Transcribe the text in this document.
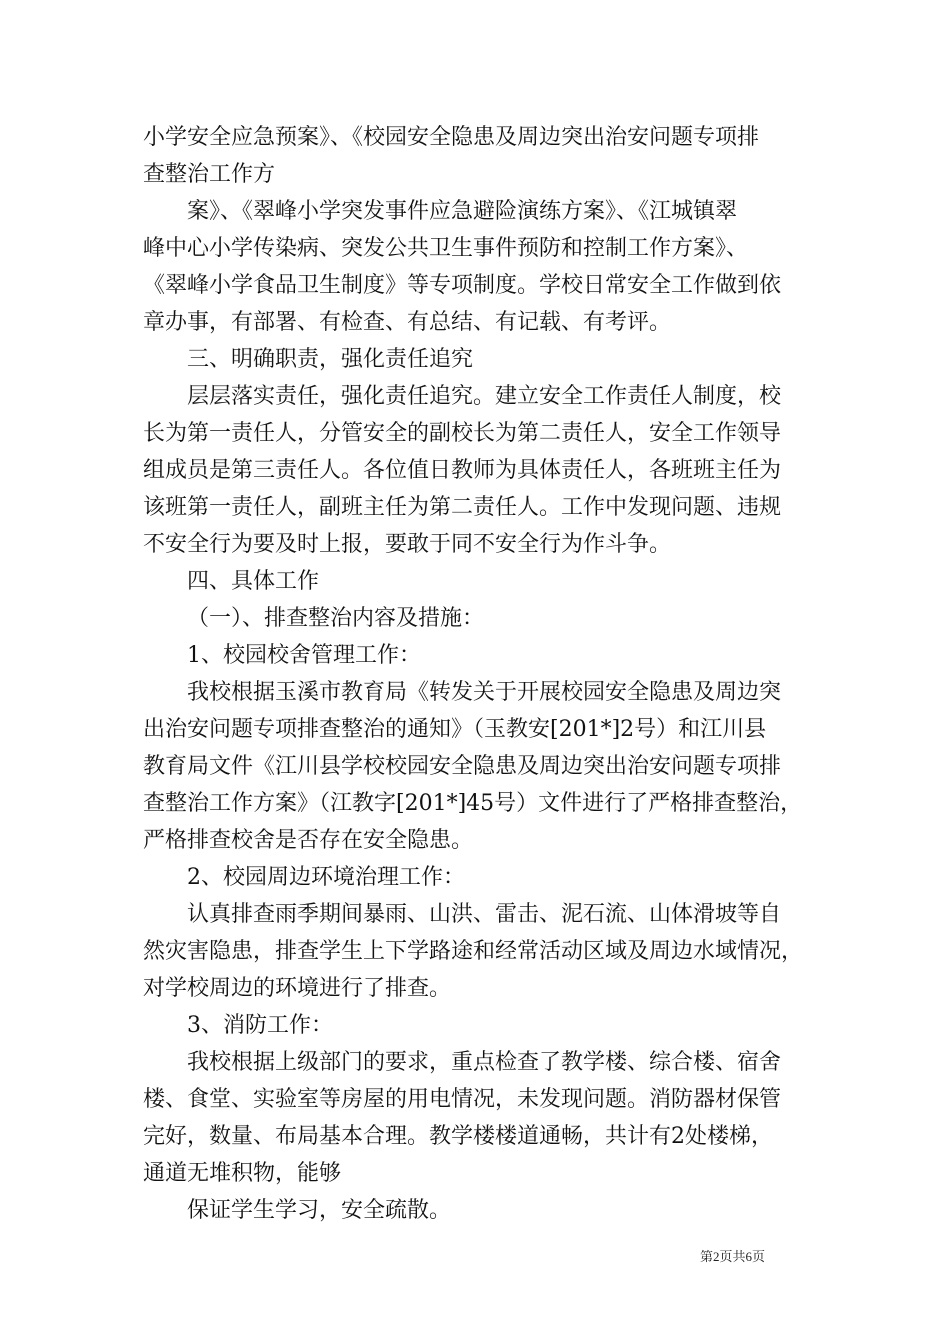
小学安全应急预案》、《校园安全隐患及周边突出治安问题专项排
查整治工作方
案》、《翠峰小学突发事件应急避险演练方案》、《江城镇翠
峰中心小学传染病、突发公共卫生事件预防和控制工作方案》、
《翠峰小学食品卫生制度》等专项制度。学校日常安全工作做到依
章办事，有部署、有检查、有总结、有记载、有考评。
三、明确职责，强化责任追究
层层落实责任，强化责任追究。建立安全工作责任人制度，校
长为第一责任人，分管安全的副校长为第二责任人，安全工作领导
组成员是第三责任人。各位值日教师为具体责任人，各班班主任为
该班第一责任人，副班主任为第二责任人。工作中发现问题、违规
不安全行为要及时上报，要敢于同不安全行为作斗争。
四、具体工作
（一）、排查整治内容及措施：
1、校园校舍管理工作：
我校根据玉溪市教育局《转发关于开展校园安全隐患及周边突
出治安问题专项排查整治的通知》（玉教安[201*]2号）和江川县
教育局文件《江川县学校校园安全隐患及周边突出治安问题专项排
查整治工作方案》（江教字[201*]45号）文件进行了严格排查整治，
严格排查校舍是否存在安全隐患。
2、校园周边环境治理工作：
认真排查雨季期间暴雨、山洪、雷击、泥石流、山体滑坡等自
然灾害隐患，排查学生上下学路途和经常活动区域及周边水域情况，
对学校周边的环境进行了排查。
3、消防工作：
我校根据上级部门的要求，重点检查了教学楼、综合楼、宿舍
楼、食堂、实验室等房屋的用电情况，未发现问题。消防器材保管
完好，数量、布局基本合理。教学楼楼道通畅，共计有2处楼梯，
通道无堆积物，能够
保证学生学习，安全疏散。
第2页共6页
